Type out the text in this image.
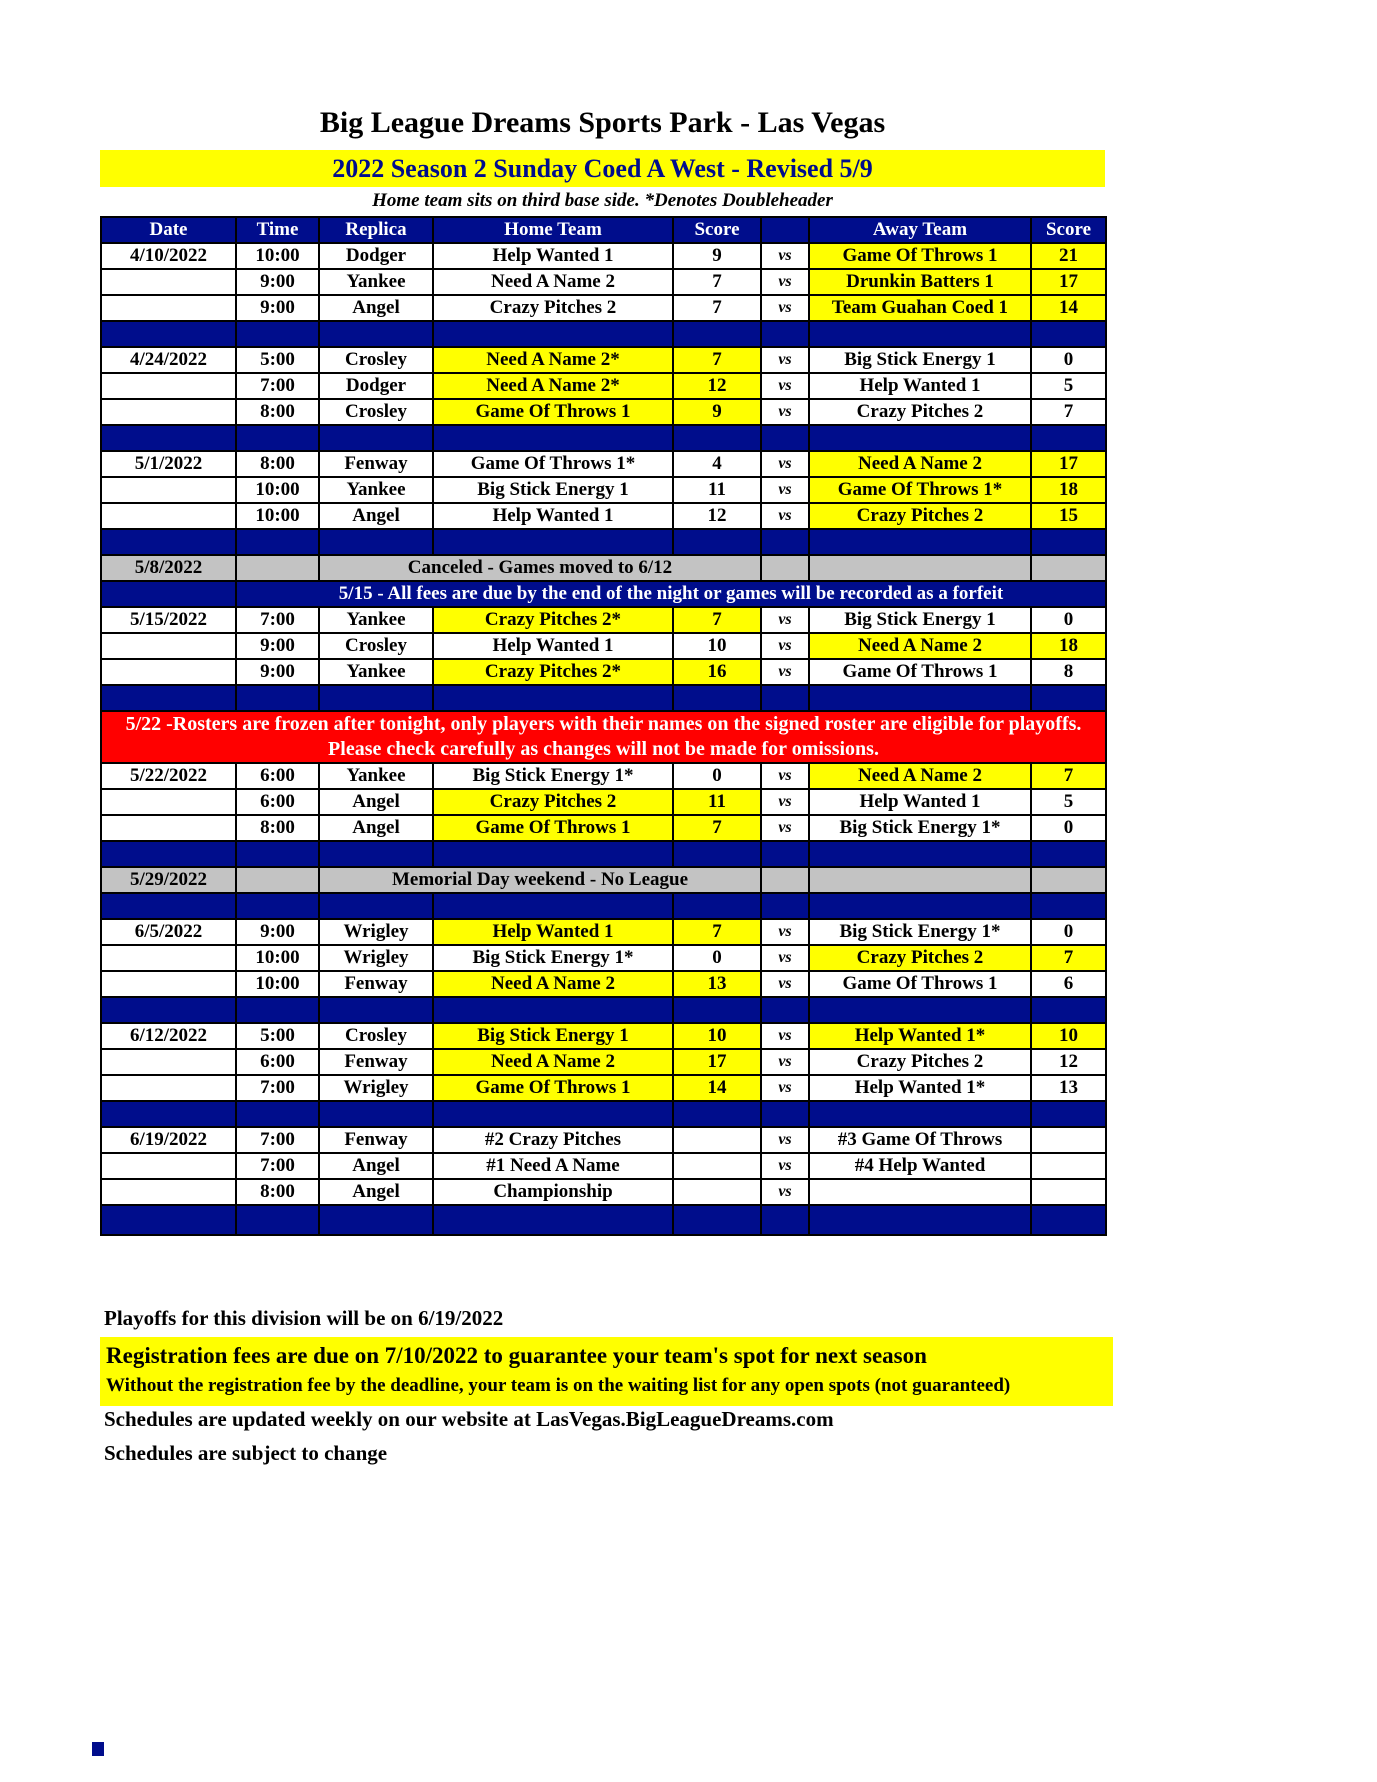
Big League Dreams Sports Park - Las Vegas
2022 Season 2 Sunday Coed A West - Revised 5/9
Home team sits on third base side. *Denotes Doubleheader
Date	Time	Replica	Home Team	Score		Away Team	Score
4/10/2022	10:00	Dodger	Help Wanted 1	9	vs	Game Of Throws 1	21
	9:00	Yankee	Need A Name 2	7	vs	Drunkin Batters 1	17
	9:00	Angel	Crazy Pitches 2	7	vs	Team Guahan Coed 1	14

4/24/2022	5:00	Crosley	Need A Name 2*	7	vs	Big Stick Energy 1	0
	7:00	Dodger	Need A Name 2*	12	vs	Help Wanted 1	5
	8:00	Crosley	Game Of Throws 1	9	vs	Crazy Pitches 2	7

5/1/2022	8:00	Fenway	Game Of Throws 1*	4	vs	Need A Name 2	17
	10:00	Yankee	Big Stick Energy 1	11	vs	Game Of Throws 1*	18
	10:00	Angel	Help Wanted 1	12	vs	Crazy Pitches 2	15

5/8/2022		Canceled - Games moved to 6/12					
	5/15 - All fees are due by the end of the night or games will be recorded as a forfeit						
5/15/2022	7:00	Yankee	Crazy Pitches 2*	7	vs	Big Stick Energy 1	0
	9:00	Crosley	Help Wanted 1	10	vs	Need A Name 2	18
	9:00	Yankee	Crazy Pitches 2*	16	vs	Game Of Throws 1	8

5/22 -Rosters are frozen after tonight, only players with their names on the signed roster are eligible for playoffs.							
Please check carefully as changes will not be made for omissions.							
5/22/2022	6:00	Yankee	Big Stick Energy 1*	0	vs	Need A Name 2	7
	6:00	Angel	Crazy Pitches 2	11	vs	Help Wanted 1	5
	8:00	Angel	Game Of Throws 1	7	vs	Big Stick Energy 1*	0

5/29/2022		Memorial Day weekend - No League					

6/5/2022	9:00	Wrigley	Help Wanted 1	7	vs	Big Stick Energy 1*	0
	10:00	Wrigley	Big Stick Energy 1*	0	vs	Crazy Pitches 2	7
	10:00	Fenway	Need A Name 2	13	vs	Game Of Throws 1	6

6/12/2022	5:00	Crosley	Big Stick Energy 1	10	vs	Help Wanted 1*	10
	6:00	Fenway	Need A Name 2	17	vs	Crazy Pitches 2	12
	7:00	Wrigley	Game Of Throws 1	14	vs	Help Wanted 1*	13

6/19/2022	7:00	Fenway	#2 Crazy Pitches		vs	#3 Game Of Throws	
	7:00	Angel	#1 Need A Name		vs	#4 Help Wanted	
	8:00	Angel	Championship		vs		

Playoffs for this division will be on 6/19/2022
Registration fees are due on 7/10/2022 to guarantee your team's spot for next season
Without the registration fee by the deadline, your team is on the waiting list for any open spots (not guaranteed)
Schedules are updated weekly on our website at LasVegas.BigLeagueDreams.com
Schedules are subject to change
